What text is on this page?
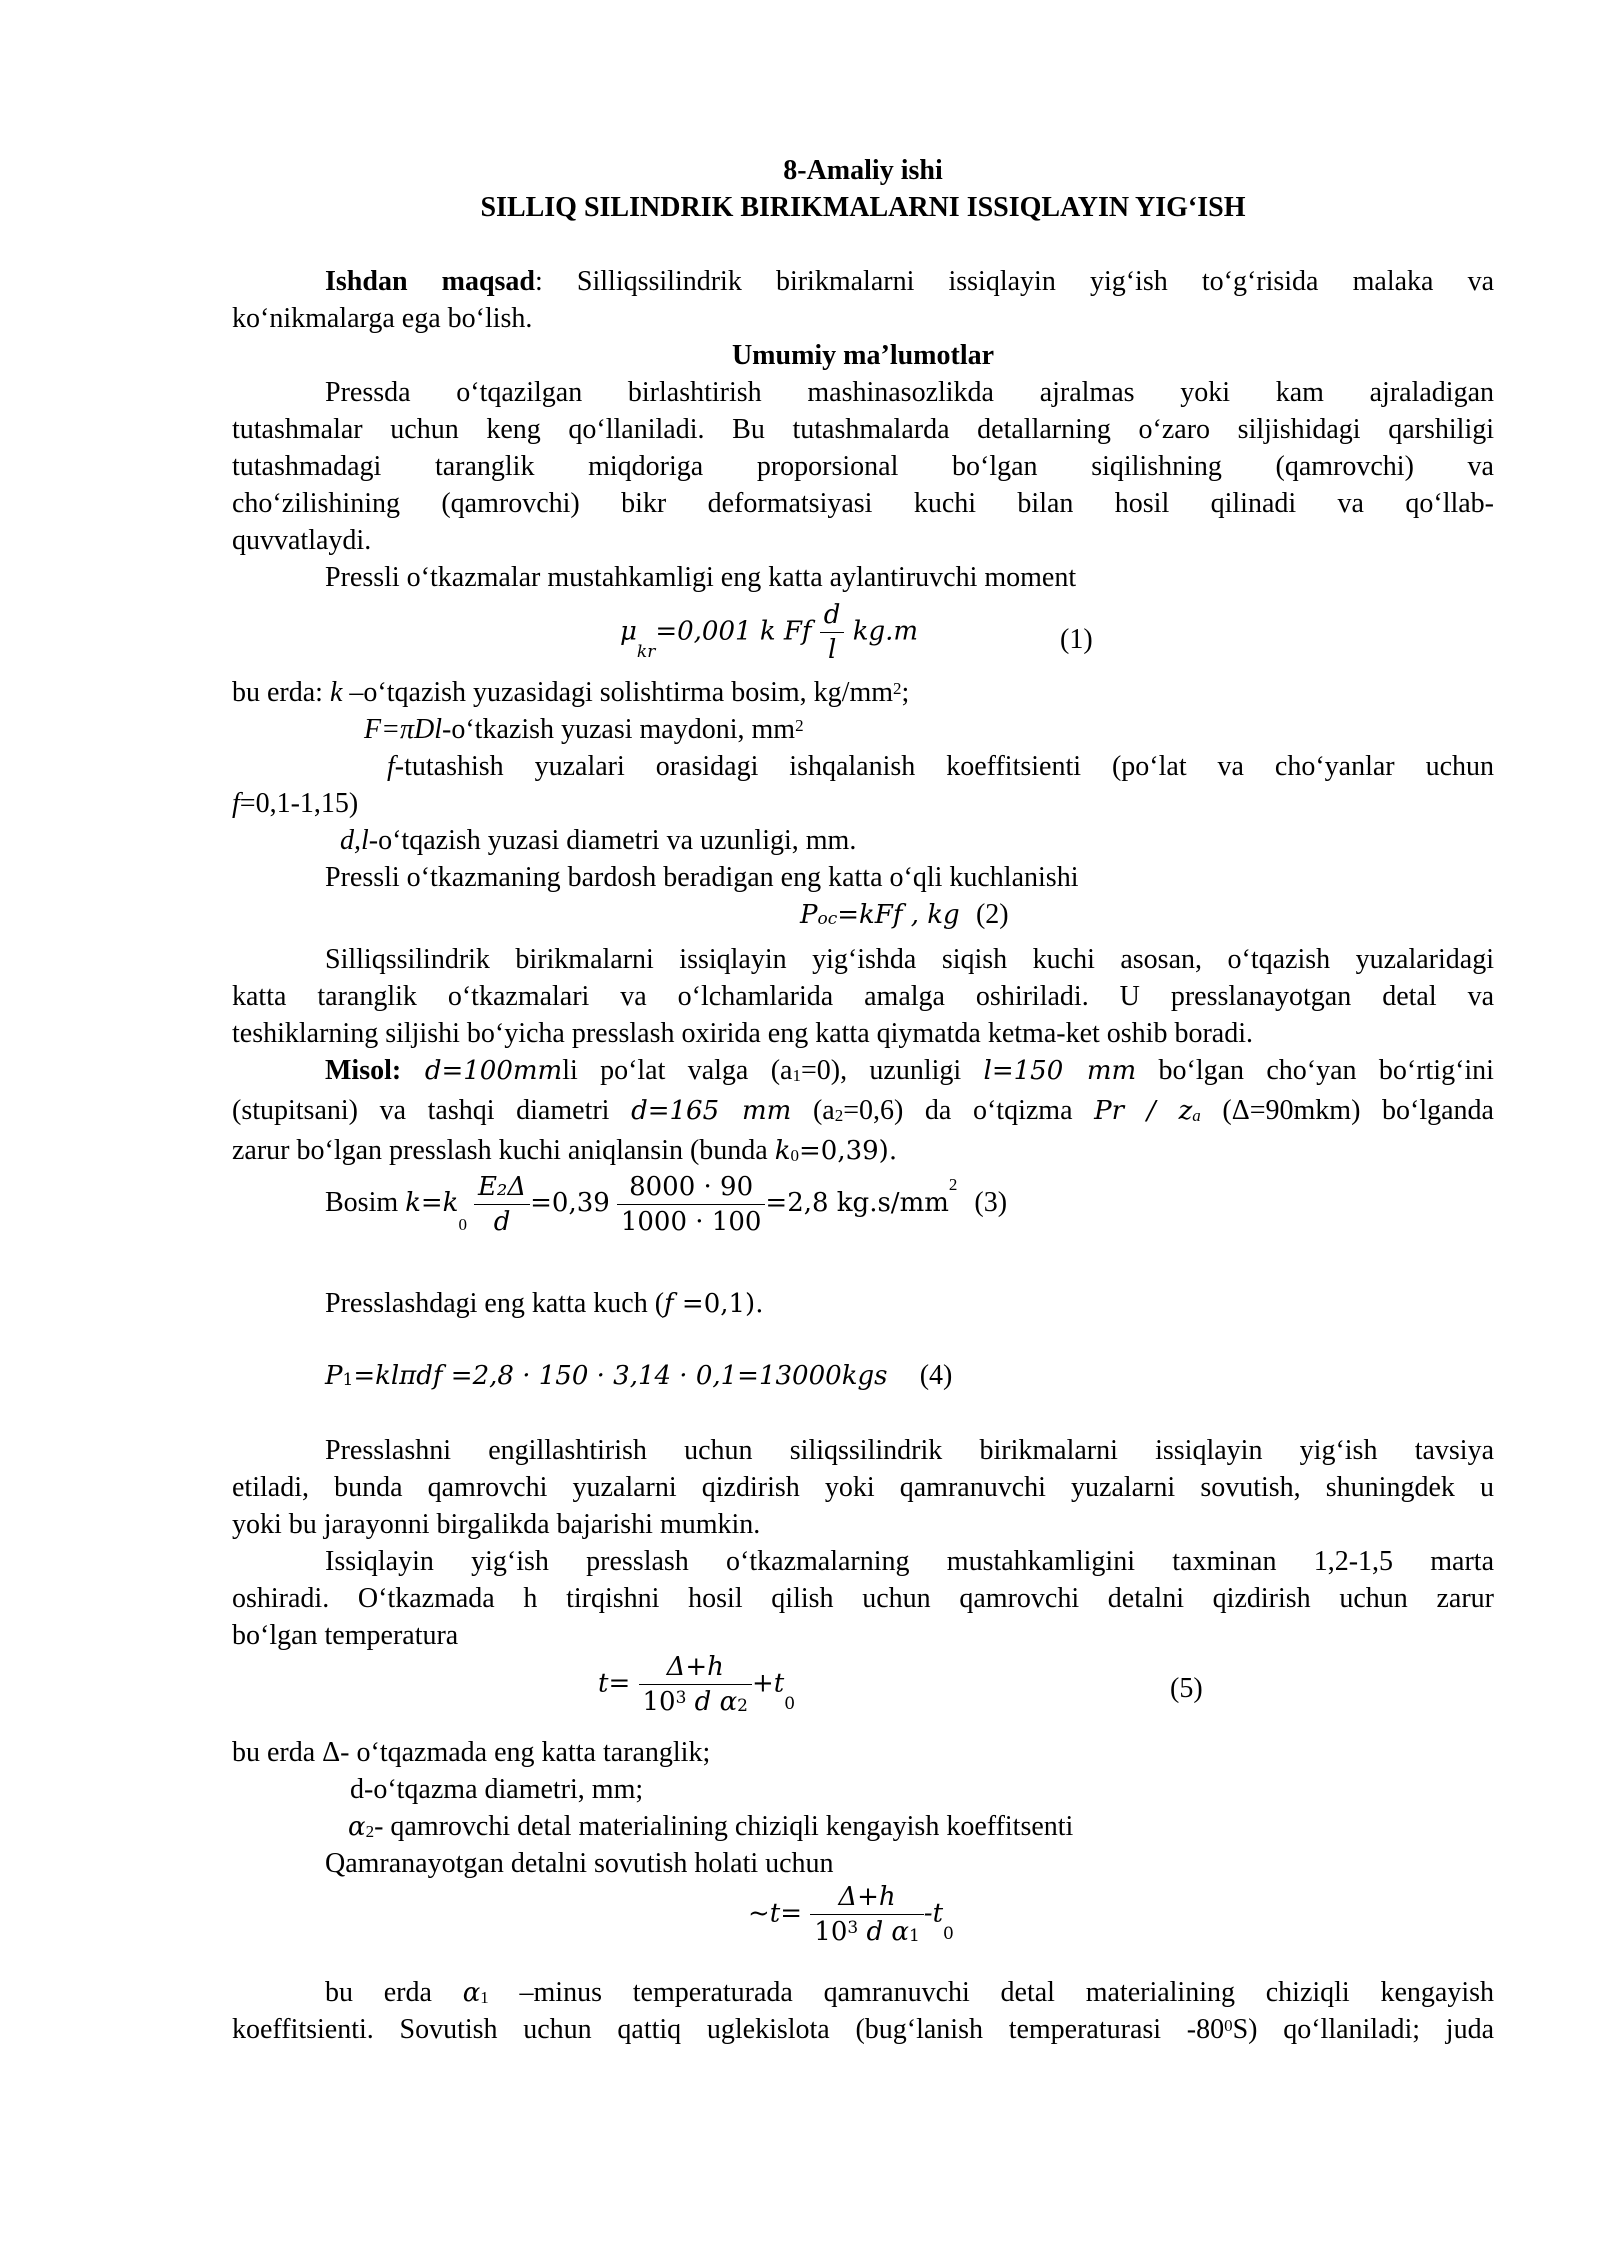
8-Amaliy ishi
SILLIQ SILINDRIK BIRIKMALARNI ISSIQLAYIN YIG‘ISH
Ishdan maqsad: Silliqssilindrik birikmalarni issiqlayin yig‘ish to‘g‘risida malaka va
ko‘nikmalarga ega bo‘lish.
Umumiy ma’lumotlar
Pressda o‘tqazilgan birlashtirish mashinasozlikda ajralmas yoki kam ajraladigan
tutashmalar uchun keng qo‘llaniladi. Bu tutashmalarda detallarning o‘zaro siljishidagi qarshiligi
tutashmadagi taranglik miqdoriga proporsional bo‘lgan siqilishning (qamrovchi) va
cho‘zilishining (qamrovchi) bikr deformatsiyasi kuchi bilan hosil qilinadi va qo‘llab-
quvvatlaydi.
Pressli o‘tkazmalar mustahkamligi eng katta aylantiruvchi moment
$\mu_{kr}=0,001$ k Ff $\frac{d}{l} kg.m$	(1)
bu erda: k –o‘tqazish yuzasidagi solishtirma bosim, $kg/mm^2$;
F=πDl-o‘tkazish yuzasi maydoni, $mm^2$
f-tutashish yuzalari orasidagi ishqalanish koeffitsienti (po‘lat va cho‘yanlar uchun
f=0,1-1,15)
d,l-o‘tqazish yuzasi diametri va uzunligi, mm.
Pressli o‘tkazmaning bardosh beradigan eng katta o‘qli kuchlanishi
$P_{oc}=kFf$ , kg (2)
Silliqssilindrik birikmalarni issiqlayin yig‘ishda siqish kuchi asosan, o‘tqazish yuzalaridagi
katta taranglik o‘tkazmalari va o‘lchamlarida amalga oshiriladi. U presslanayotgan detal va
teshiklarning siljishi bo‘yicha presslash oxirida eng katta qiymatda ketma-ket oshib boradi.
Misol: d=100mmli po‘lat valga $(a_1=0)$, uzunligi l=150 mm bo‘lgan cho‘yan bo‘rtig‘ini
(stupitsani) va tashqi diametri d=165 mm $(a_2=0,6)$ da o‘tqizma Pr / $z_a$ (Δ=90mkm) bo‘lganda
zarur bo‘lgan presslash kuchi aniqlansin (bunda $k_0=0,39$).
Bosim $k=k_0 \frac{\text{E₂Δ}}{d} =0,39 \frac{8000 \cdot 90}{1000 \cdot 100} =2,8$ $kg.s/mm^2$ (3)
Presslashdagi eng katta kuch (f =0,1).
$P_1=kl\pi df =2,8 \cdot 150 \cdot 3,14 \cdot 0,1=13000kgs$ (4)
Presslashni engillashtirish uchun siliqssilindrik birikmalarni issiqlayin yig‘ish tavsiya
etiladi, bunda qamrovchi yuzalarni qizdirish yoki qamranuvchi yuzalarni sovutish, shuningdek u
yoki bu jarayonni birgalikda bajarishi mumkin.
Issiqlayin yig‘ish presslash o‘tkazmalarning mustahkamligini taxminan 1,2-1,5 marta
oshiradi. O‘tkazmada h tirqishni hosil qilish uchun qamrovchi detalni qizdirish uchun zarur
bo‘lgan temperatura
$t= \frac{\Delta+h}{10^3 d \alpha_2} +t_0$	(5)
bu erda Δ- o‘tqazmada eng katta taranglik;
d-o‘tqazma diametri, mm;
$\alpha_2-$ qamrovchi detal materialining chiziqli kengayish koeffitsenti
Qamranayotgan detalni sovutish holati uchun
~t= $\frac{\Delta+h}{10^3 d \alpha_1} -t_0$
bu erda $\alpha_1$ –minus temperaturada qamranuvchi detal materialining chiziqli kengayish
koeffitsienti. Sovutish uchun qattiq uglekislota (bug‘lanish temperaturasi $-80^0S$) qo‘llaniladi; juda
